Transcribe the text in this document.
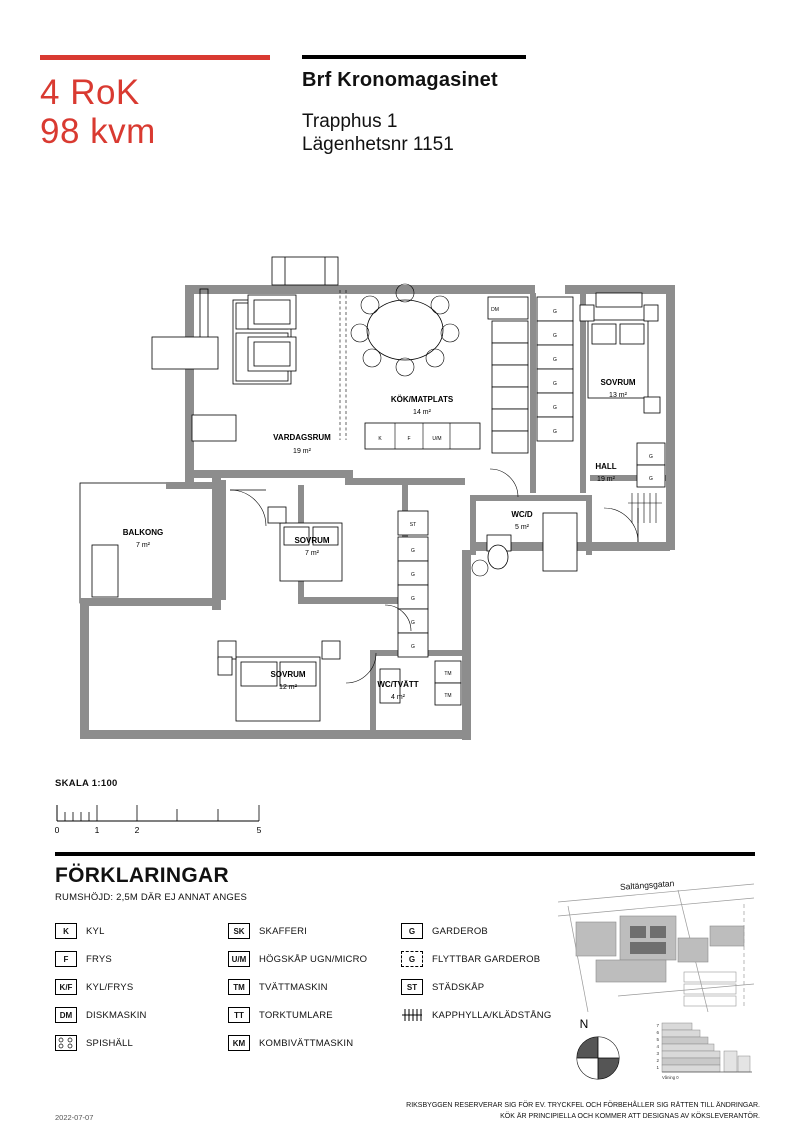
4 RoK
98 kvm
Brf Kronomagasinet
Trapphus 1
Lägenhetsnr 1151
K	F	U/M
DM	G
G
G
G
G
G
G
G
ST
G
G
G
G
G
TM
TM
VARDAGSRUM
19 m²
KÖK/MATPLATS
14 m²
SOVRUM
13 m²
HALL
19 m²
BALKONG
7 m²
SOVRUM
7 m²
WC/D
5 m²
SOVRUM
12 m²	WC/TVÄTT
4 m²
SKALA 1:100
0	1	2	5
FÖRKLARINGAR
RUMSHÖJD: 2,5M DÄR EJ ANNAT ANGES
K	KYL
F	FRYS
K/F	KYL/FRYS
DM	DISKMASKIN
SPISHÄLL
SK	SKAFFERI
U/M	HÖGSKÅP UGN/MICRO
TM	TVÄTTMASKIN
TT	TORKTUMLARE
KM	KOMBIVÄTTMASKIN
G	GARDEROB
G	FLYTTBAR GARDEROB
ST	STÄDSKÅP
KAPPHYLLA/KLÄDSTÅNG
Saltängsgatan
N	7
6
5
4
3
2
1
Våning 0
2022-07-07
RIKSBYGGEN RESERVERAR SIG FÖR EV. TRYCKFEL OCH FÖRBEHÅLLER SIG RÄTTEN TILL ÄNDRINGAR.
KÖK ÄR PRINCIPIELLA OCH KOMMER ATT DESIGNAS AV KÖKSLEVERANTÖR.
